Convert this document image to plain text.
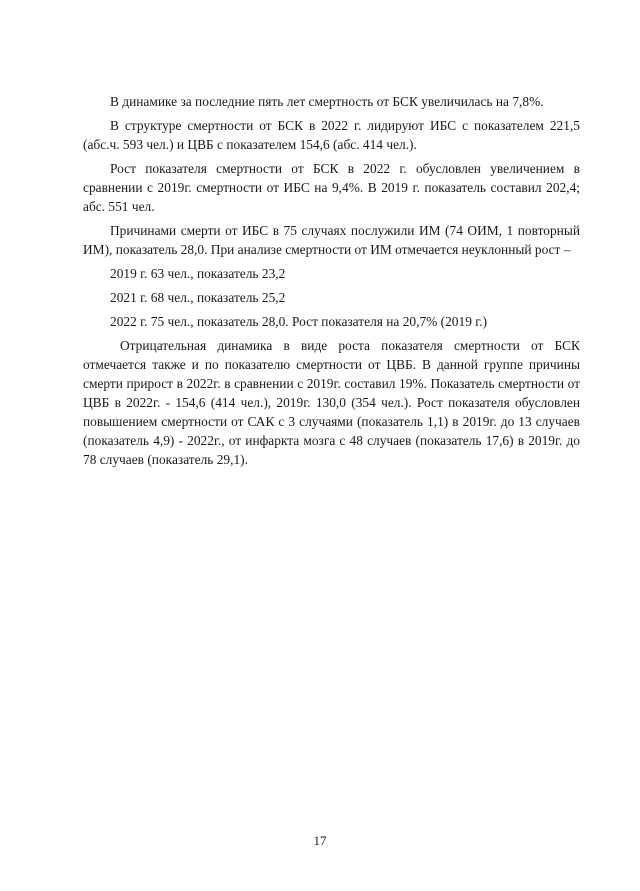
В динамике за последние пять лет смертность от БСК увеличилась на 7,8%.

В структуре смертности от БСК в 2022 г. лидируют ИБС с показателем 221,5 (абс.ч. 593 чел.) и ЦВБ с показателем 154,6 (абс. 414 чел.).

Рост показателя смертности от БСК в 2022 г. обусловлен увеличением в сравнении с 2019г. смертности от ИБС на 9,4%. В 2019 г. показатель составил 202,4; абс. 551 чел.

Причинами смерти от ИБС в 75 случаях послужили ИМ (74 ОИМ, 1 повторный ИМ), показатель 28,0. При анализе смертности от ИМ отмечается неуклонный рост –

2019 г. 63 чел., показатель 23,2

2021 г. 68 чел., показатель 25,2

2022 г. 75 чел., показатель 28,0. Рост показателя на 20,7% (2019 г.)

Отрицательная динамика в виде роста показателя смертности от БСК отмечается также и по показателю смертности от ЦВБ. В данной группе причины смерти прирост в 2022г. в сравнении с 2019г. составил 19%. Показатель смертности от ЦВБ в 2022г. - 154,6 (414 чел.), 2019г. 130,0 (354 чел.). Рост показателя обусловлен повышением смертности от САК с 3 случаями (показатель 1,1) в 2019г. до 13 случаев (показатель 4,9) - 2022г., от инфаркта мозга с 48 случаев (показатель 17,6) в 2019г. до 78 случаев (показатель 29,1).

17
